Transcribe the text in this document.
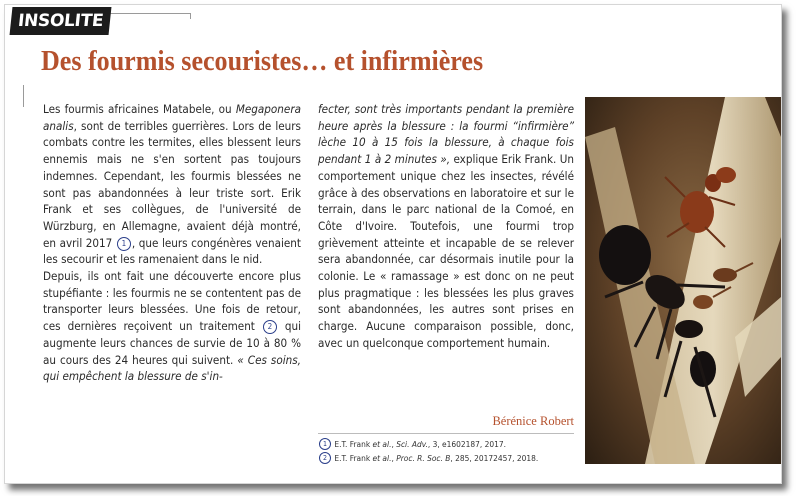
INSOLITE
Des fourmis secouristes… et infirmières

Les fourmis africaines Matabele, ou Megaponera analis, sont de terribles guerrières. Lors de leurs combats contre les termites, elles blessent leurs ennemis mais ne s'en sortent pas toujours indemnes. Cependant, les fourmis blessées ne sont pas abandonnées à leur triste sort. Erik Frank et ses collègues, de l'université de Würzburg, en Allemagne, avaient déjà montré, en avril 2017 1 , que leurs congénères venaient les secourir et les ramenaient dans le nid.

Depuis, ils ont fait une découverte encore plus stupéfiante : les fourmis ne se contentent pas de transporter leurs blessées. Une fois de retour, ces dernières reçoivent un traitement 2 qui augmente leurs chances de survie de 10 à 80 % au cours des 24 heures qui suivent. « Ces soins, qui empêchent la blessure de s'in-

fecter, sont très importants pendant la première heure après la blessure : la fourmi “infirmière” lèche 10 à 15 fois la blessure, à chaque fois pendant 1 à 2 minutes », explique Erik Frank. Un comportement unique chez les insectes, révélé grâce à des observations en laboratoire et sur le terrain, dans le parc national de la Comoé, en Côte d'Ivoire. Toutefois, une fourmi trop grièvement atteinte et incapable de se relever sera abandonnée, car désormais inutile pour la colonie. Le « ramassage » est donc on ne peut plus pragmatique : les blessées les plus graves sont abandonnées, les autres sont prises en charge. Aucune comparaison possible, donc, avec un quelconque comportement humain.

Bérénice Robert
1 E.T. Frank et al., Sci. Adv., 3, e1602187, 2017.
2 E.T. Frank et al., Proc. R. Soc. B, 285, 20172457, 2018.
